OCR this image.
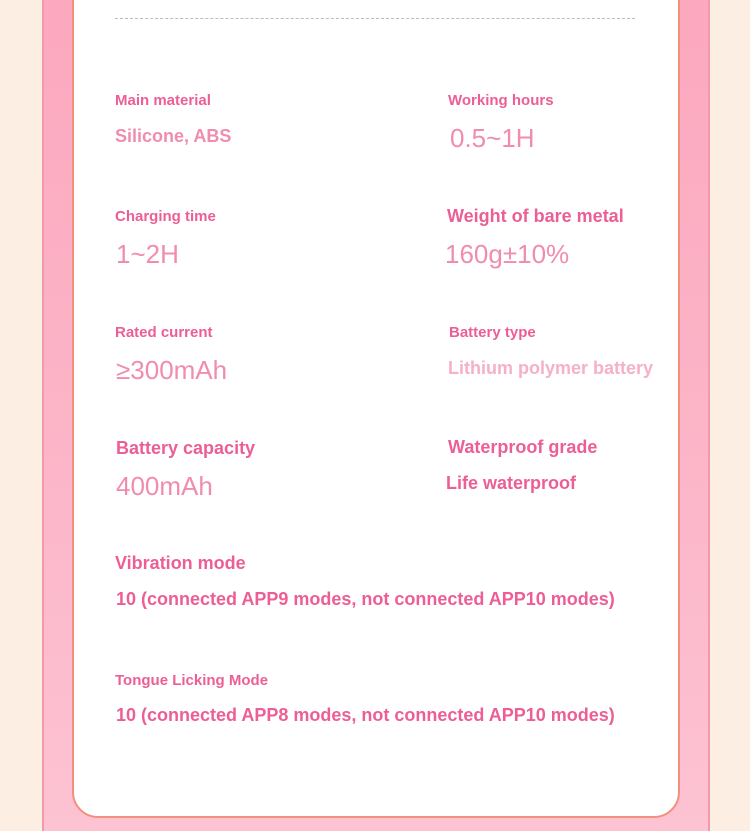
Main material

Silicone, ABS

Working hours

0.5~1H

Charging time

1~2H

Weight of bare metal

160g±10%

Rated current

≥300mAh

Battery type

Lithium polymer battery

Battery capacity

400mAh

Waterproof grade

Life waterproof

Vibration mode

10 (connected APP9 modes, not connected APP10 modes)

Tongue Licking Mode

10 (connected APP8 modes, not connected APP10 modes)
